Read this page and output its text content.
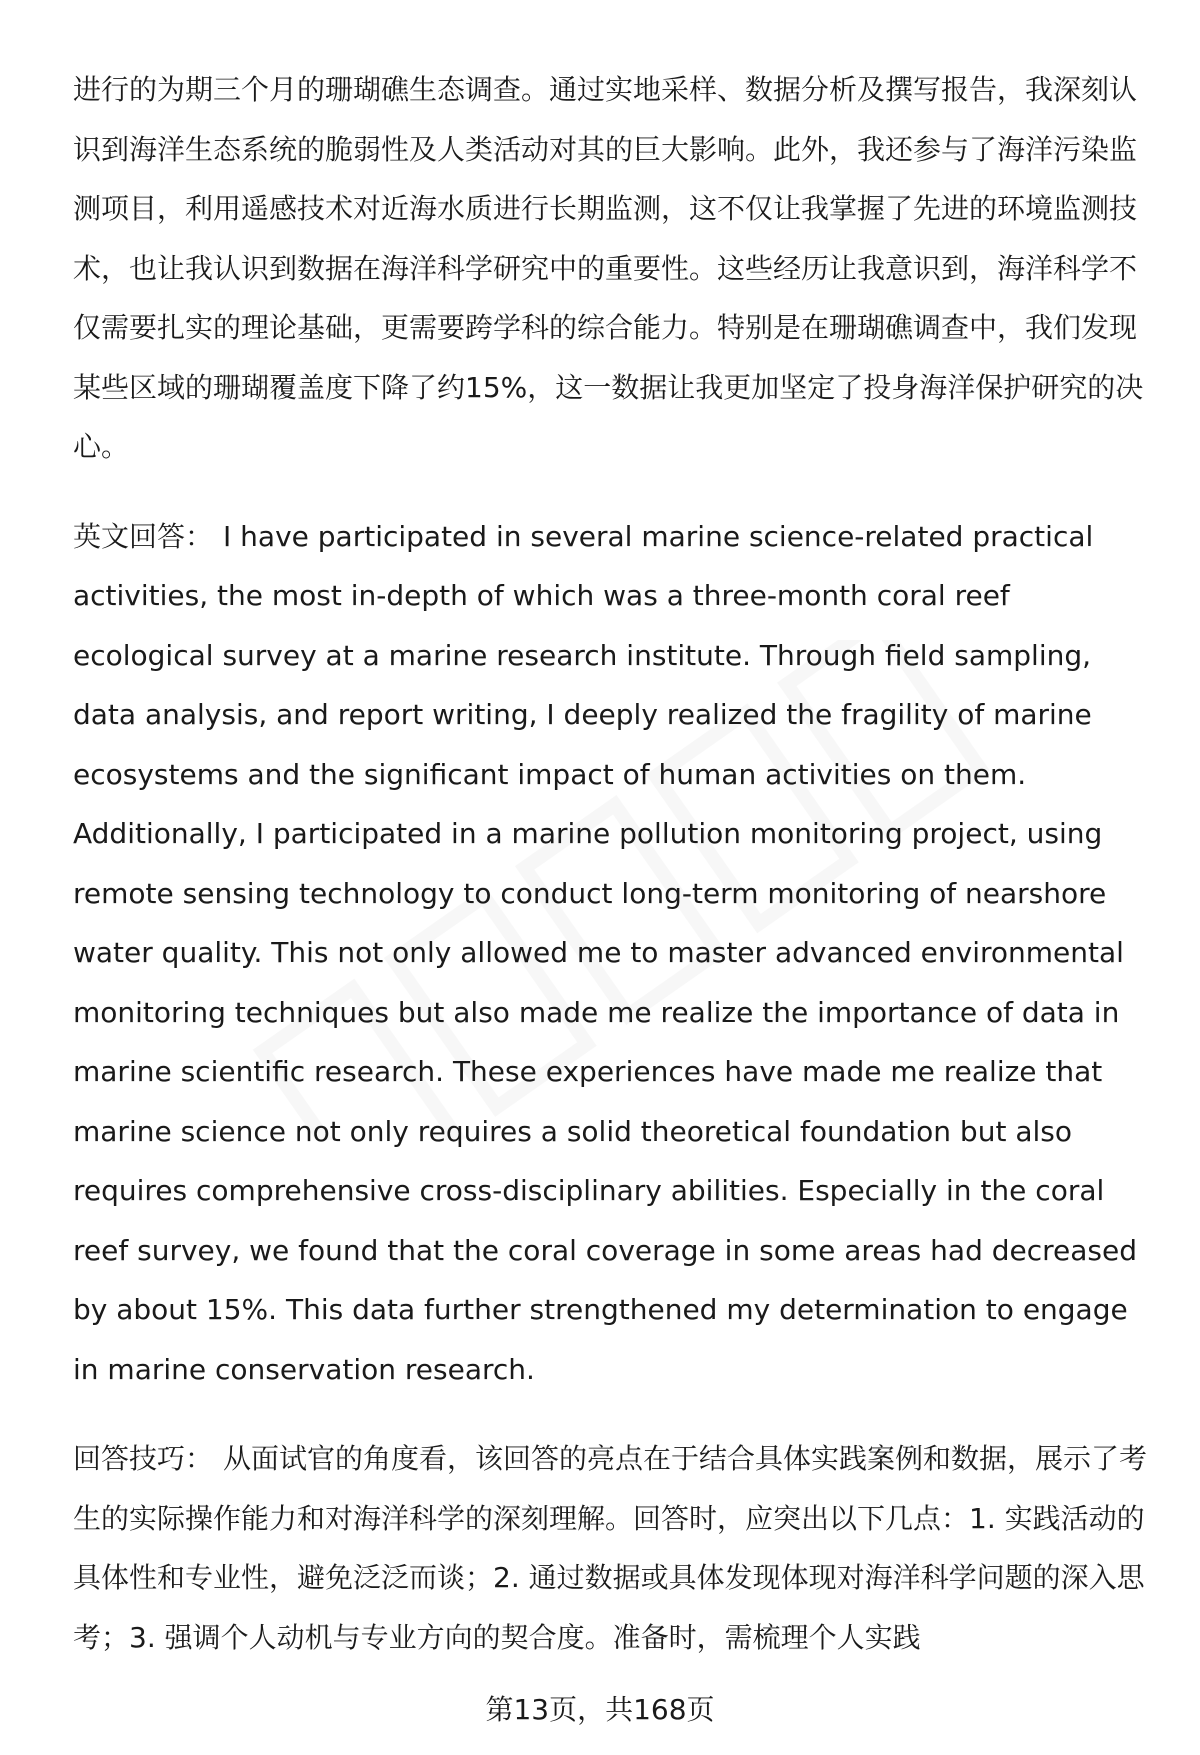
进行的为期三个月的珊瑚礁生态调查。通过实地采样、数据分析及撰写报告，我深刻认识到海洋生态系统的脆弱性及人类活动对其的巨大影响。此外，我还参与了海洋污染监测项目，利用遥感技术对近海水质进行长期监测，这不仅让我掌握了先进的环境监测技术，也让我认识到数据在海洋科学研究中的重要性。这些经历让我意识到，海洋科学不仅需要扎实的理论基础，更需要跨学科的综合能力。特别是在珊瑚礁调查中，我们发现某些区域的珊瑚覆盖度下降了约15%，这一数据让我更加坚定了投身海洋保护研究的决心。

英文回答： I have participated in several marine science-related practical activities, the most in-depth of which was a three-month coral reef ecological survey at a marine research institute. Through field sampling, data analysis, and report writing, I deeply realized the fragility of marine ecosystems and the significant impact of human activities on them. Additionally, I participated in a marine pollution monitoring project, using remote sensing technology to conduct long-term monitoring of nearshore water quality. This not only allowed me to master advanced environmental monitoring techniques but also made me realize the importance of data in marine scientific research. These experiences have made me realize that marine science not only requires a solid theoretical foundation but also requires comprehensive cross-disciplinary abilities. Especially in the coral reef survey, we found that the coral coverage in some areas had decreased by about 15%. This data further strengthened my determination to engage in marine conservation research.

回答技巧： 从面试官的角度看，该回答的亮点在于结合具体实践案例和数据，展示了考生的实际操作能力和对海洋科学的深刻理解。回答时，应突出以下几点：1. 实践活动的具体性和专业性，避免泛泛而谈；2. 通过数据或具体发现体现对海洋科学问题的深入思考；3. 强调个人动机与专业方向的契合度。准备时，需梳理个人实践

第13页，共168页
